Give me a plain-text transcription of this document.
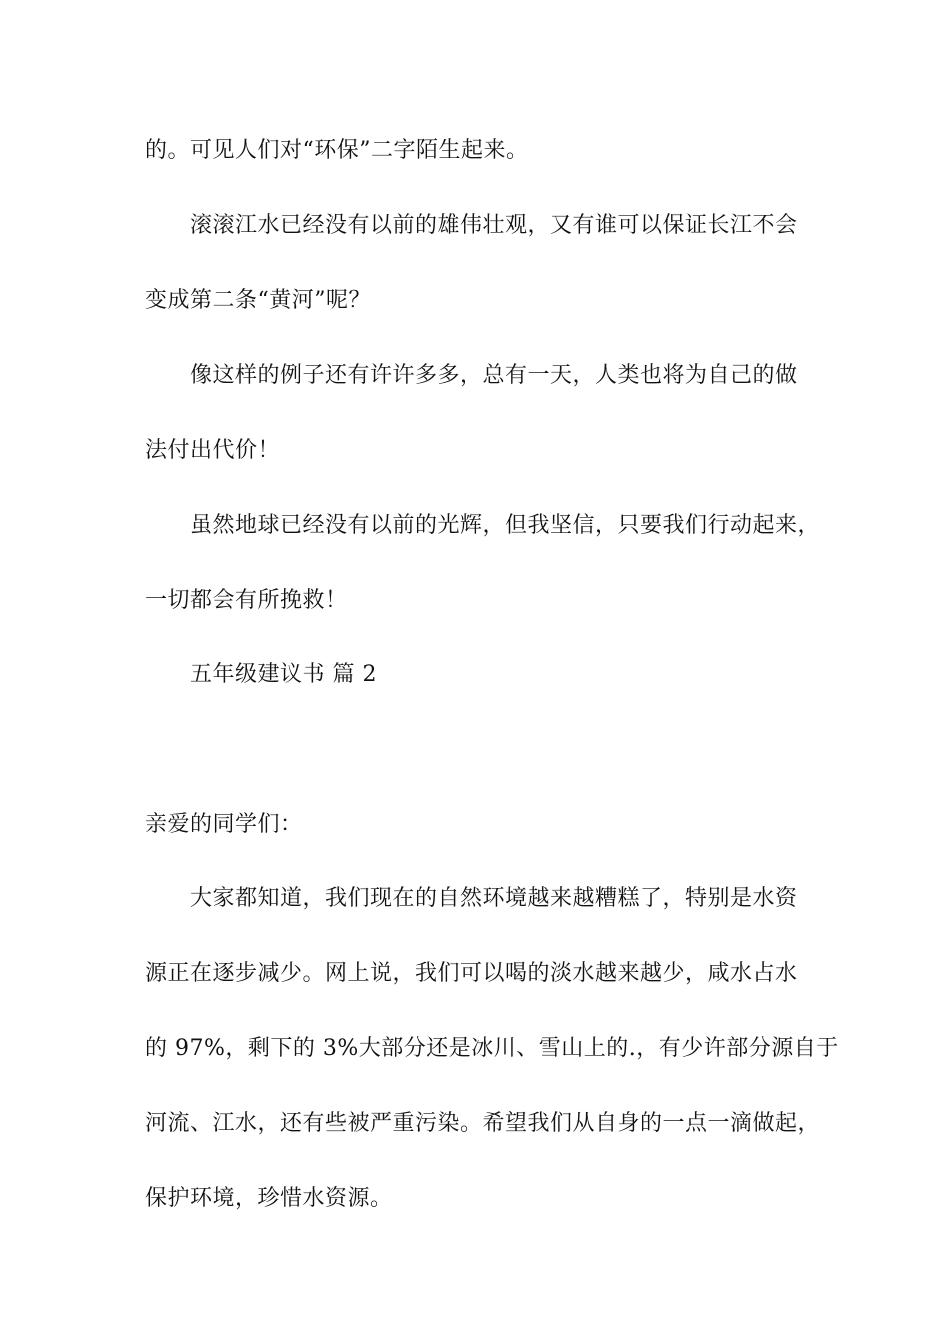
的。可见人们对“环保”二字陌生起来。
滚滚江水已经没有以前的雄伟壮观，又有谁可以保证长江不会
变成第二条“黄河”呢？
像这样的例子还有许许多多，总有一天，人类也将为自己的做
法付出代价！
虽然地球已经没有以前的光辉，但我坚信，只要我们行动起来，
一切都会有所挽救！
五年级建议书 篇 2
亲爱的同学们：
大家都知道，我们现在的自然环境越来越糟糕了，特别是水资
源正在逐步减少。网上说，我们可以喝的淡水越来越少，咸水占水
的 97%，剩下的 3%大部分还是冰川、雪山上的.，有少许部分源自于
河流、江水，还有些被严重污染。希望我们从自身的一点一滴做起，
保护环境，珍惜水资源。
